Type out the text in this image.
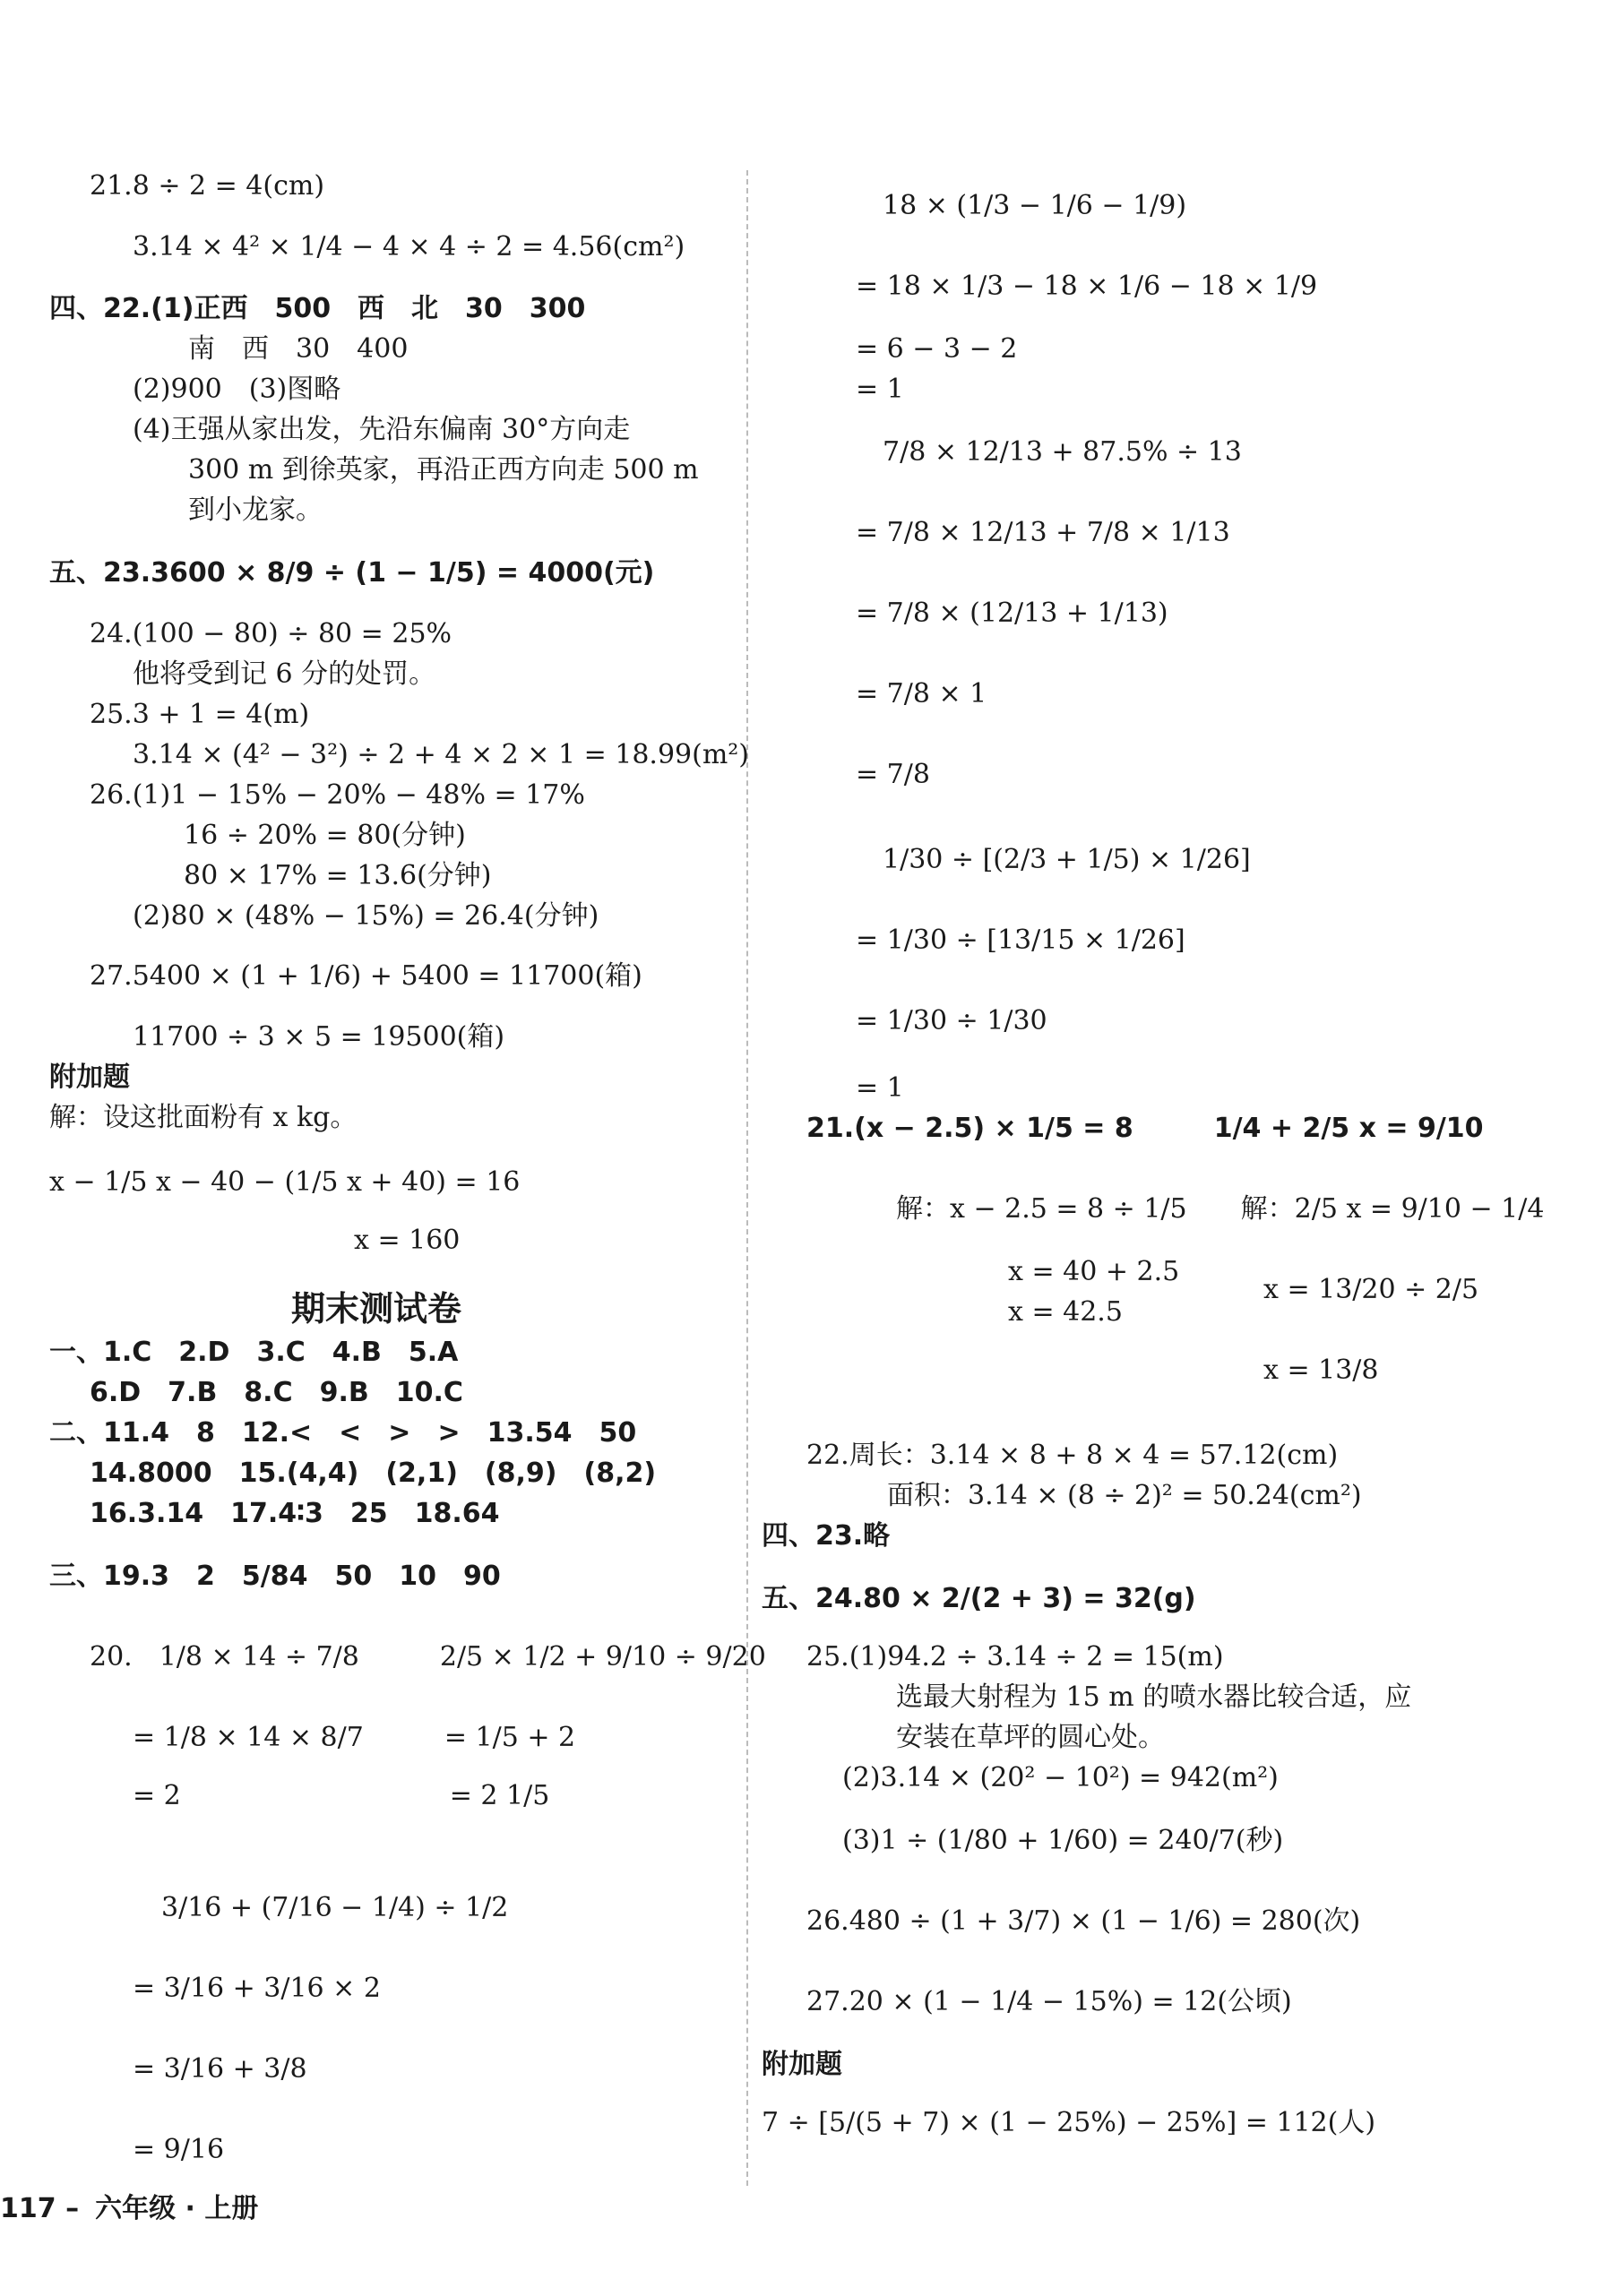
21.8 ÷ 2 = 4(cm)
3.14 × 4² × 1/4 − 4 × 4 ÷ 2 = 4.56(cm²)
四、22.(1)正西　500　西　北　30　300
南　西　30　400
(2)900　(3)图略
(4)王强从家出发，先沿东偏南 30°方向走
300 m 到徐英家，再沿正西方向走 500 m
到小龙家。
五、23.3600 × 8/9 ÷ (1 − 1/5) = 4000(元)
24.(100 − 80) ÷ 80 = 25%
他将受到记 6 分的处罚。
25.3 + 1 = 4(m)
3.14 × (4² − 3²) ÷ 2 + 4 × 2 × 1 = 18.99(m²)
26.(1)1 − 15% − 20% − 48% = 17%
16 ÷ 20% = 80(分钟)
80 × 17% = 13.6(分钟)
(2)80 × (48% − 15%) = 26.4(分钟)
27.5400 × (1 + 1/6) + 5400 = 11700(箱)
11700 ÷ 3 × 5 = 19500(箱)
附加题
解：设这批面粉有 x kg。
x − 1/5 x − 40 − (1/5 x + 40) = 16
x = 160
期末测试卷
一、1.C　2.D　3.C　4.B　5.A
6.D　7.B　8.C　9.B　10.C
二、11.4　8　12.<　<　>　>　13.54　50
14.8000　15.(4,4)　(2,1)　(8,9)　(8,2)
16.3.14　17.4∶3　25　18.64
三、19.3　2　5/84　50　10　90
20.　1/8 × 14 ÷ 7/8　　　2/5 × 1/2 + 9/10 ÷ 9/20
= 1/8 × 14 × 8/7　　　= 1/5 + 2
= 2　　　　　　　　　　= 2 1/5
3/16 + (7/16 − 1/4) ÷ 1/2
= 3/16 + 3/16 × 2
= 3/16 + 3/8
= 9/16
18 × (1/3 − 1/6 − 1/9)
= 18 × 1/3 − 18 × 1/6 − 18 × 1/9
= 6 − 3 − 2
= 1
7/8 × 12/13 + 87.5% ÷ 13
= 7/8 × 12/13 + 7/8 × 1/13
= 7/8 × (12/13 + 1/13)
= 7/8 × 1
= 7/8
1/30 ÷ [(2/3 + 1/5) × 1/26]
= 1/30 ÷ [13/15 × 1/26]
= 1/30 ÷ 1/30
= 1
21.(x − 2.5) × 1/5 = 8　　　1/4 + 2/5 x = 9/10
解：x − 2.5 = 8 ÷ 1/5　　解：2/5 x = 9/10 − 1/4
x = 40 + 2.5
x = 13/20 ÷ 2/5
x = 42.5
x = 13/8
22.周长：3.14 × 8 + 8 × 4 = 57.12(cm)
面积：3.14 × (8 ÷ 2)² = 50.24(cm²)
四、23.略
五、24.80 × 2/(2 + 3) = 32(g)
25.(1)94.2 ÷ 3.14 ÷ 2 = 15(m)
选最大射程为 15 m 的喷水器比较合适，应
安装在草坪的圆心处。
(2)3.14 × (20² − 10²) = 942(m²)
(3)1 ÷ (1/80 + 1/60) = 240/7(秒)
26.480 ÷ (1 + 3/7) × (1 − 1/6) = 280(次)
27.20 × (1 − 1/4 − 15%) = 12(公顷)
附加题
7 ÷ [5/(5 + 7) × (1 − 25%) − 25%] = 112(人)
117 – 六年级 · 上册
